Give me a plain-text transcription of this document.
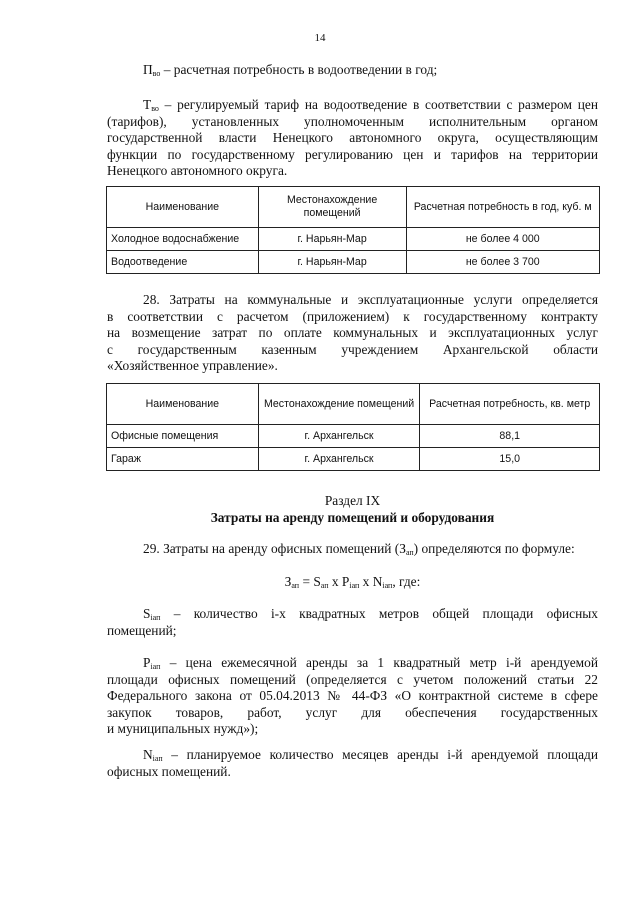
14
$П_{во}$ – расчетная потребность в водоотведении в год;
$Т_{во}$ – регулируемый тариф на водоотведение в соответствии с размером цен
(тарифов), установленных уполномоченным исполнительным органом
государственной власти Ненецкого автономного округа, осуществляющим
функции по государственному регулированию цен и тарифов на территории
Ненецкого автономного округа.
Наименование	Местонахождение помещений	Расчетная потребность в год, куб. м
Холодное водоснабжение	г. Нарьян-Мар	не более 4 000
Водоотведение	г. Нарьян-Мар	не более 3 700
28. Затраты на коммунальные и эксплуатационные услуги определяется
в соответствии с расчетом (приложением) к государственному контракту
на возмещение затрат по оплате коммунальных и эксплуатационных услуг
с государственным казенным учреждением Архангельской области
«Хозяйственное управление».
Наименование	Местонахождение помещений	Расчетная потребность, кв. метр
Офисные помещения	г. Архангельск	88,1
Гараж	г. Архангельск	15,0
Раздел IX
Затраты на аренду помещений и оборудования
29. Затраты на аренду офисных помещений $(З_{ап})$ определяются по формуле:
$З_{ап} = S_{ап}$ x $P_{iап}$ x $N_{iап}$, где:
$S_{iап}$ – количество i-х квадратных метров общей площади офисных
помещений;
$P_{iап}$ – цена ежемесячной аренды за 1 квадратный метр i-й арендуемой
площади офисных помещений (определяется с учетом положений статьи 22
Федерального закона от 05.04.2013 № 44-ФЗ «О контрактной системе в сфере
закупок товаров, работ, услуг для обеспечения государственных
и муниципальных нужд»);
$N_{iап}$ – планируемое количество месяцев аренды i-й арендуемой площади
офисных помещений.
